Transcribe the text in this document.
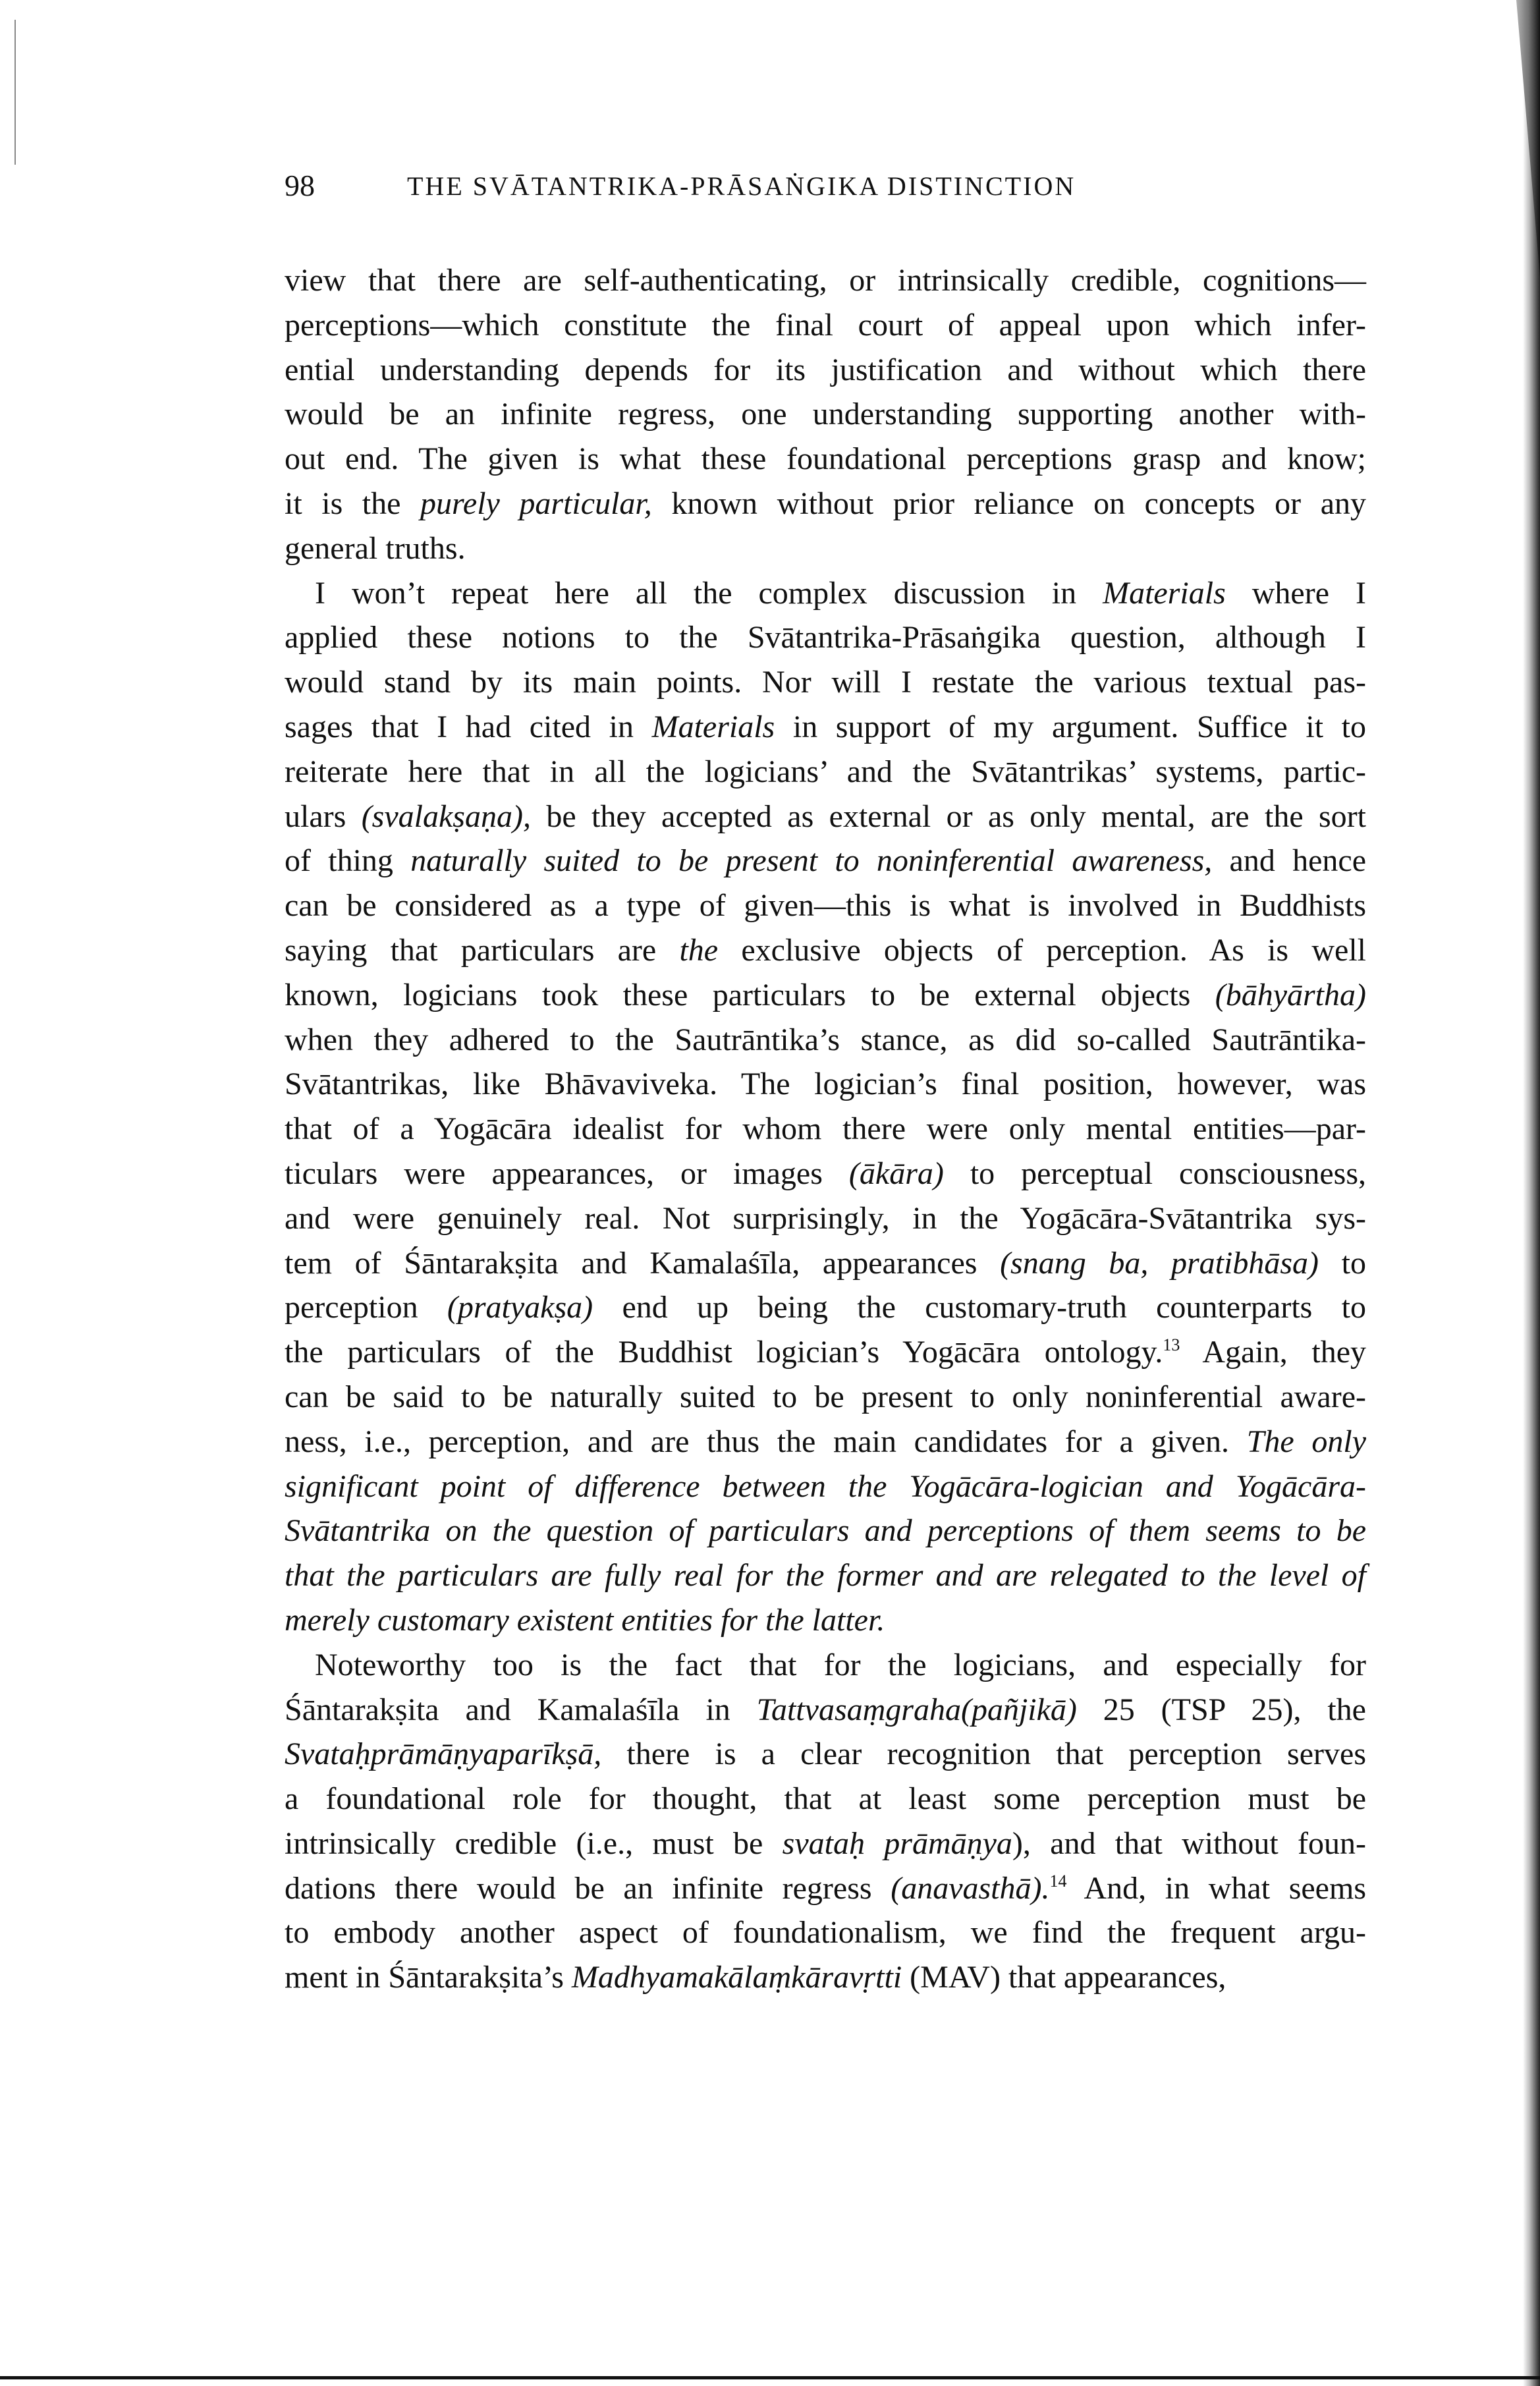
98	THE SVĀTANTRIKA-PRĀSAṄGIKA DISTINCTION
view that there are self-authenticating, or intrinsically credible, cognitions—
perceptions—which constitute the final court of appeal upon which infer-
ential understanding depends for its justification and without which there
would be an infinite regress, one understanding supporting another with-
out end. The given is what these foundational perceptions grasp and know;
it is the purely particular, known without prior reliance on concepts or any
general truths.
I won’t repeat here all the complex discussion in Materials where I
applied these notions to the Svātantrika-Prāsaṅgika question, although I
would stand by its main points. Nor will I restate the various textual pas-
sages that I had cited in Materials in support of my argument. Suffice it to
reiterate here that in all the logicians’ and the Svātantrikas’ systems, partic-
ulars (svalakṣaṇa), be they accepted as external or as only mental, are the sort
of thing naturally suited to be present to noninferential awareness, and hence
can be considered as a type of given—this is what is involved in Buddhists
saying that particulars are the exclusive objects of perception. As is well
known, logicians took these particulars to be external objects (bāhyārtha)
when they adhered to the Sautrāntika’s stance, as did so-called Sautrāntika-
Svātantrikas, like Bhāvaviveka. The logician’s final position, however, was
that of a Yogācāra idealist for whom there were only mental entities—par-
ticulars were appearances, or images (ākāra) to perceptual consciousness,
and were genuinely real. Not surprisingly, in the Yogācāra-Svātantrika sys-
tem of Śāntarakṣita and Kamalaśīla, appearances (snang ba, pratibhāsa) to
perception (pratyakṣa) end up being the customary-truth counterparts to
the particulars of the Buddhist logician’s Yogācāra ontology.$^{13}$ Again, they
can be said to be naturally suited to be present to only noninferential aware-
ness, i.e., perception, and are thus the main candidates for a given. The only
significant point of difference between the Yogācāra-logician and Yogācāra-
Svātantrika on the question of particulars and perceptions of them seems to be
that the particulars are fully real for the former and are relegated to the level of
merely customary existent entities for the latter.
Noteworthy too is the fact that for the logicians, and especially for
Śāntarakṣita and Kamalaśīla in Tattvasaṃgraha(pañjikā) 25 (TSP 25), the
Svataḥprāmāṇyaparīkṣā, there is a clear recognition that perception serves
a foundational role for thought, that at least some perception must be
intrinsically credible (i.e., must be svataḥ prāmāṇya), and that without foun-
dations there would be an infinite regress (anavasthā).$^{14}$ And, in what seems
to embody another aspect of foundationalism, we find the frequent argu-
ment in Śāntarakṣita’s Madhyamakālaṃkāravṛtti (MAV) that appearances,
